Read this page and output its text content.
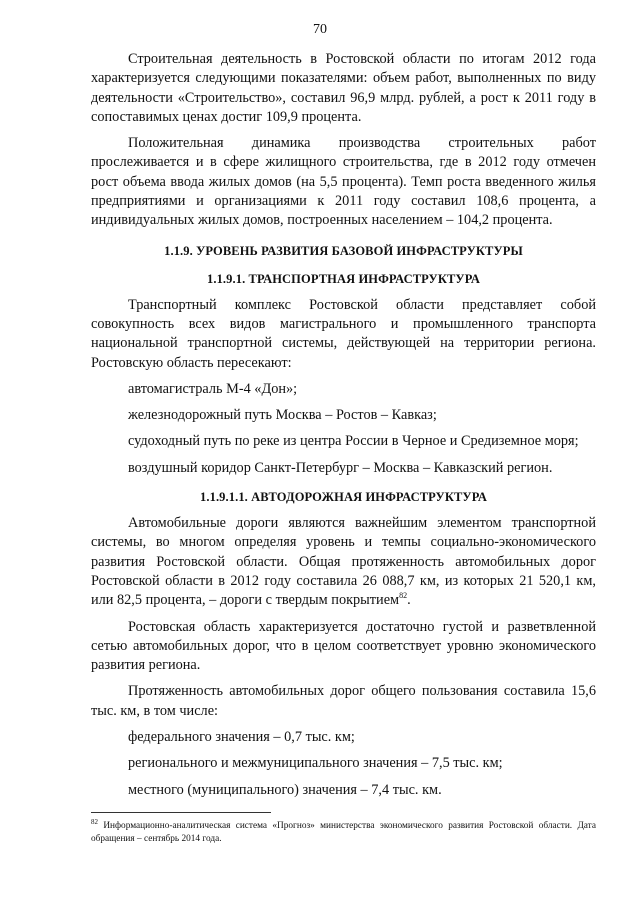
70

Строительная деятельность в Ростовской области по итогам 2012 года характеризуется следующими показателями: объем работ, выполненных по виду деятельности «Строительство», составил 96,9 млрд. рублей, а рост к 2011 году в сопоставимых ценах достиг 109,9 процента.

Положительная динамика производства строительных работ прослеживается и в сфере жилищного строительства, где в 2012 году отмечен рост объема ввода жилых домов (на 5,5 процента). Темп роста введенного жилья предприятиями и организациями к 2011 году составил 108,6 процента, а индивидуальных жилых домов, построенных населением – 104,2 процента.

1.1.9. УРОВЕНЬ РАЗВИТИЯ БАЗОВОЙ ИНФРАСТРУКТУРЫ
1.1.9.1. ТРАНСПОРТНАЯ ИНФРАСТРУКТУРА

Транспортный комплекс Ростовской области представляет собой совокупность всех видов магистрального и промышленного транспорта национальной транспортной системы, действующей на территории региона. Ростовскую область пересекают:

автомагистраль М-4 «Дон»;

железнодорожный путь Москва – Ростов – Кавказ;

судоходный путь по реке из центра России в Черное и Средиземное моря;

воздушный коридор Санкт-Петербург – Москва – Кавказский регион.

1.1.9.1.1. АВТОДОРОЖНАЯ ИНФРАСТРУКТУРА

Автомобильные дороги являются важнейшим элементом транспортной системы, во многом определяя уровень и темпы социально-экономического развития Ростовской области. Общая протяженность автомобильных дорог Ростовской области в 2012 году составила 26 088,7 км, из которых 21 520,1 км, или 82,5 процента, – дороги с твердым покрытием$^{82}$.

Ростовская область характеризуется достаточно густой и разветвленной сетью автомобильных дорог, что в целом соответствует уровню экономического развития региона.

Протяженность автомобильных дорог общего пользования составила 15,6 тыс. км, в том числе:

федерального значения – 0,7 тыс. км;

регионального и межмуниципального значения – 7,5 тыс. км;

местного (муниципального) значения – 7,4 тыс. км.

$^{82}$ Информационно-аналитическая система «Прогноз» министерства экономического развития Ростовской области. Дата обращения – сентябрь 2014 года.
